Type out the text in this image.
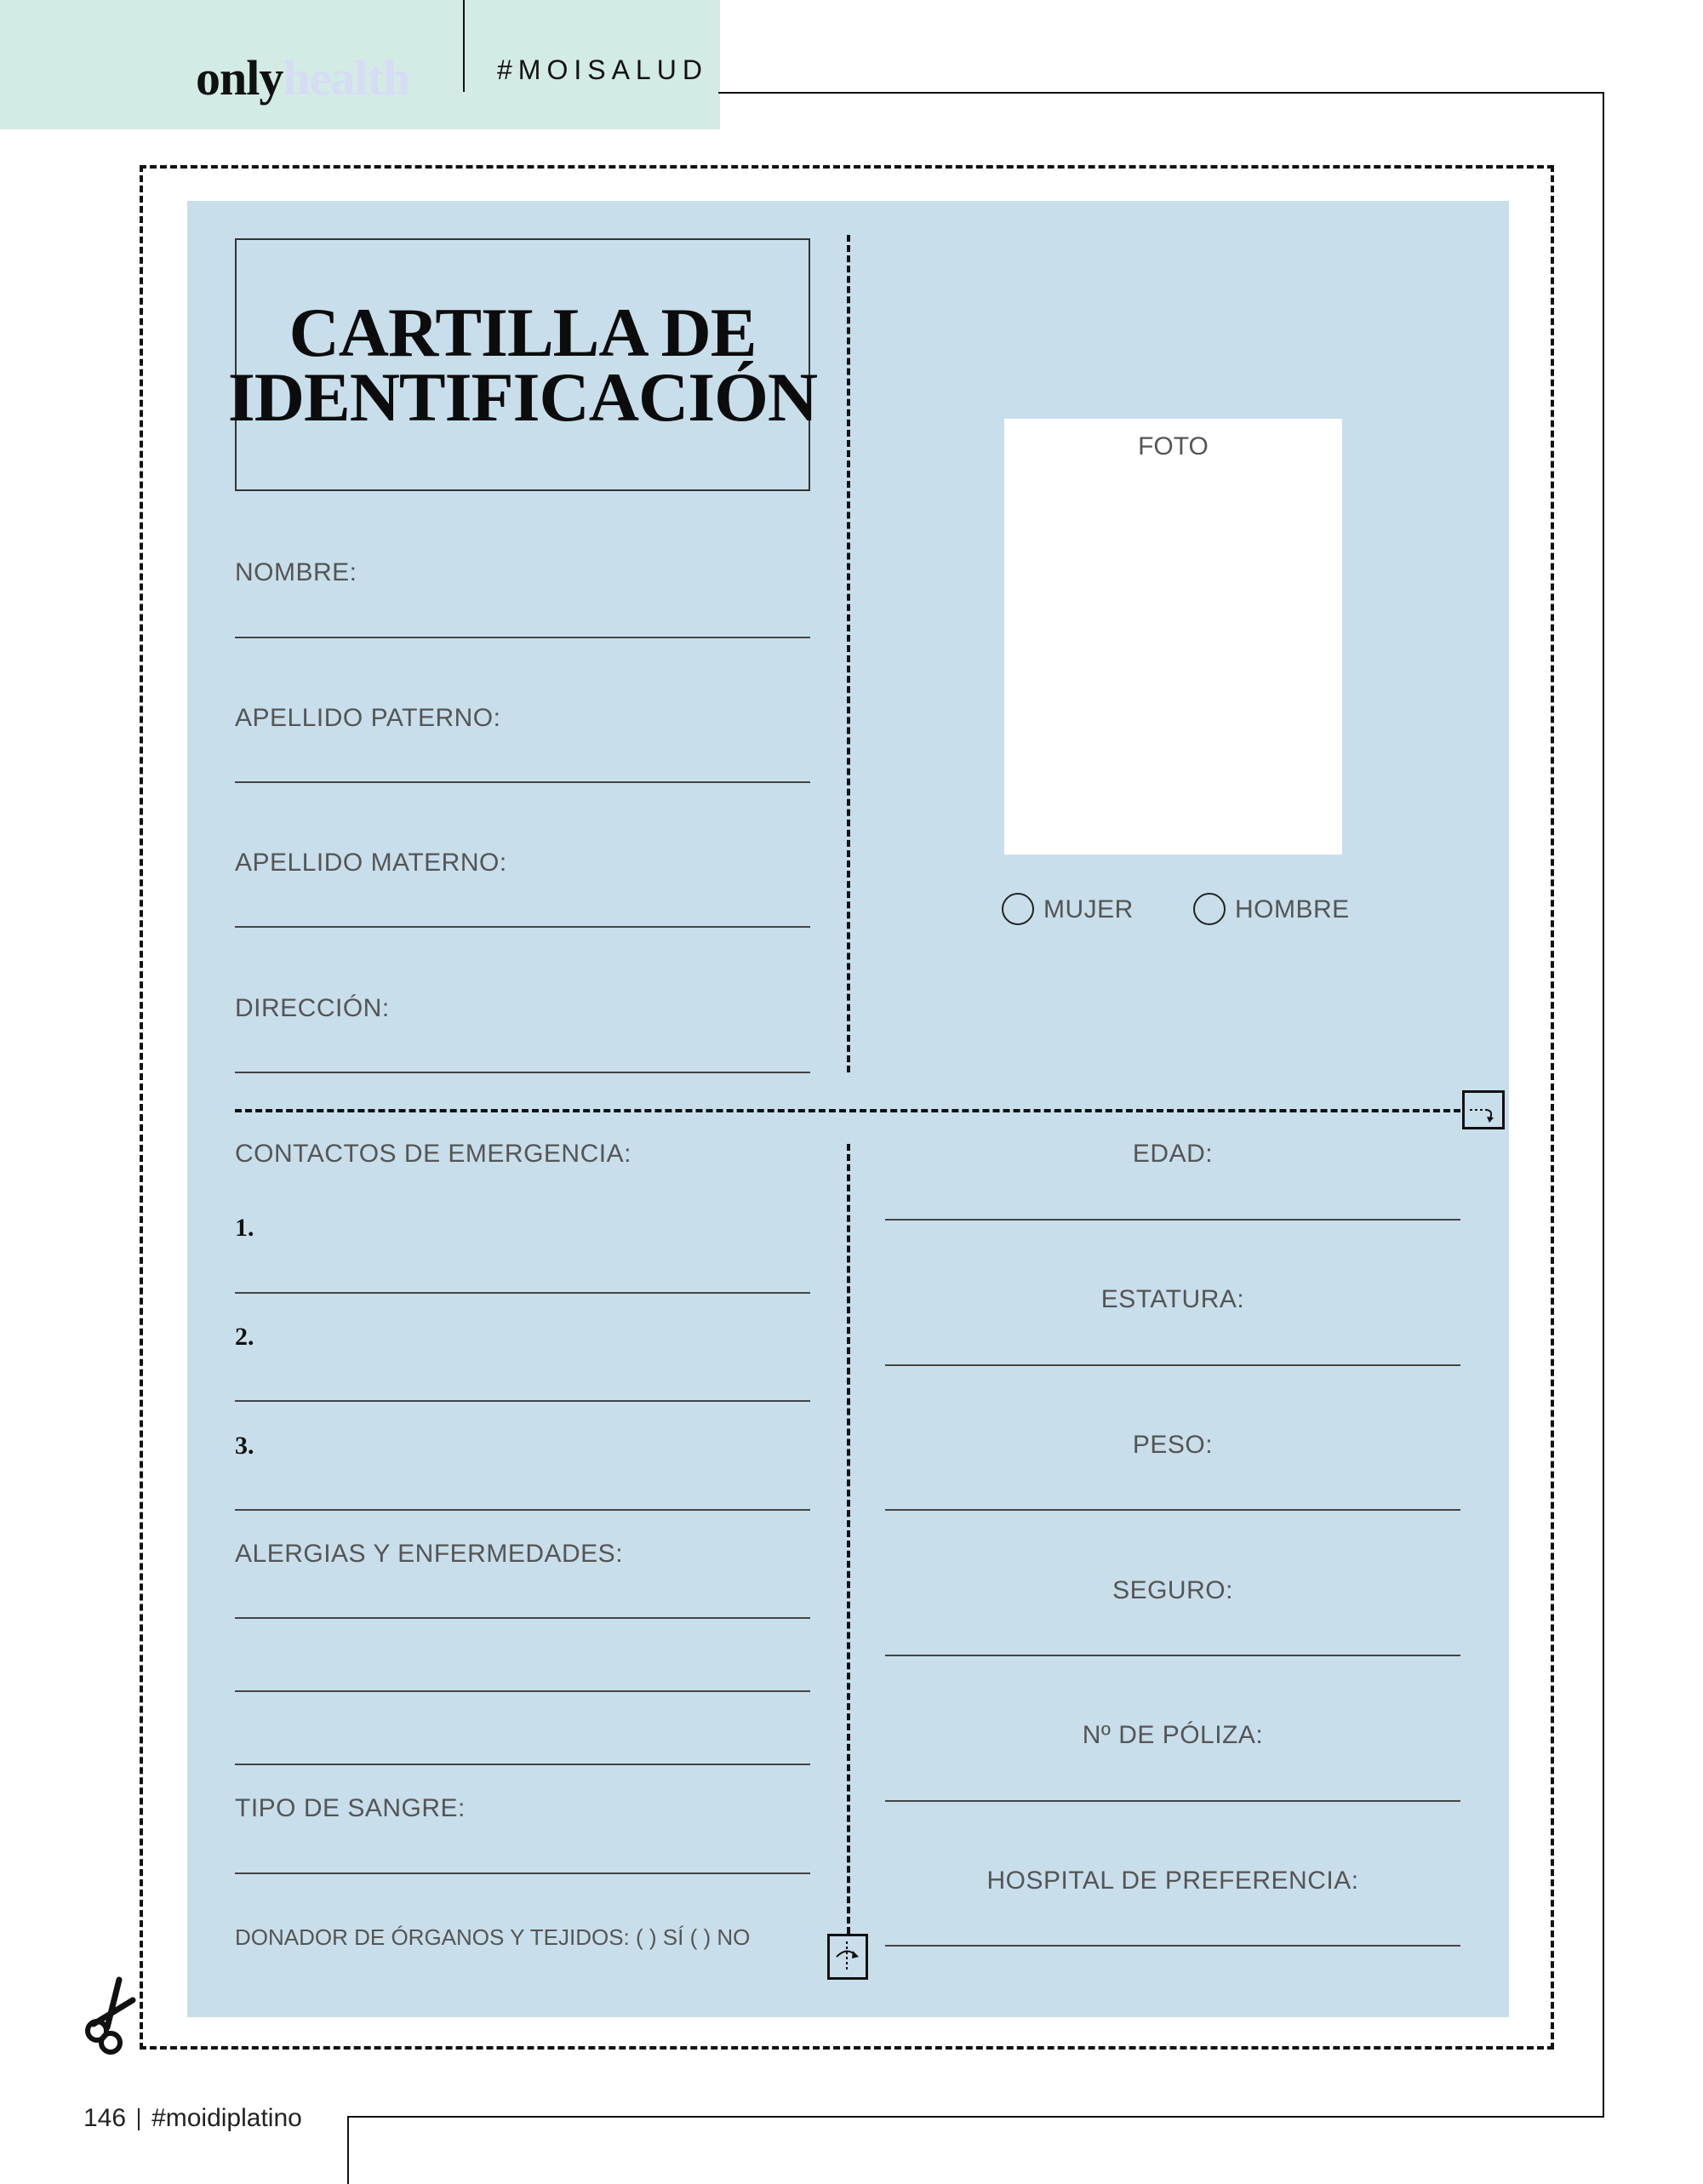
onlyhealth	#MOISALUD
CARTILLA DE
IDENTIFICACIÓN
NOMBRE:
APELLIDO PATERNO:
APELLIDO MATERNO:
DIRECCIÓN:
FOTO
MUJER	HOMBRE
CONTACTOS DE EMERGENCIA:
1.
2.
3.
ALERGIAS Y ENFERMEDADES:
TIPO DE SANGRE:
DONADOR DE ÓRGANOS Y TEJIDOS: ( ) SÍ ( ) NO
EDAD:
ESTATURA:
PESO:
SEGURO:
Nº DE PÓLIZA:
HOSPITAL DE PREFERENCIA:
146 #moidiplatino
